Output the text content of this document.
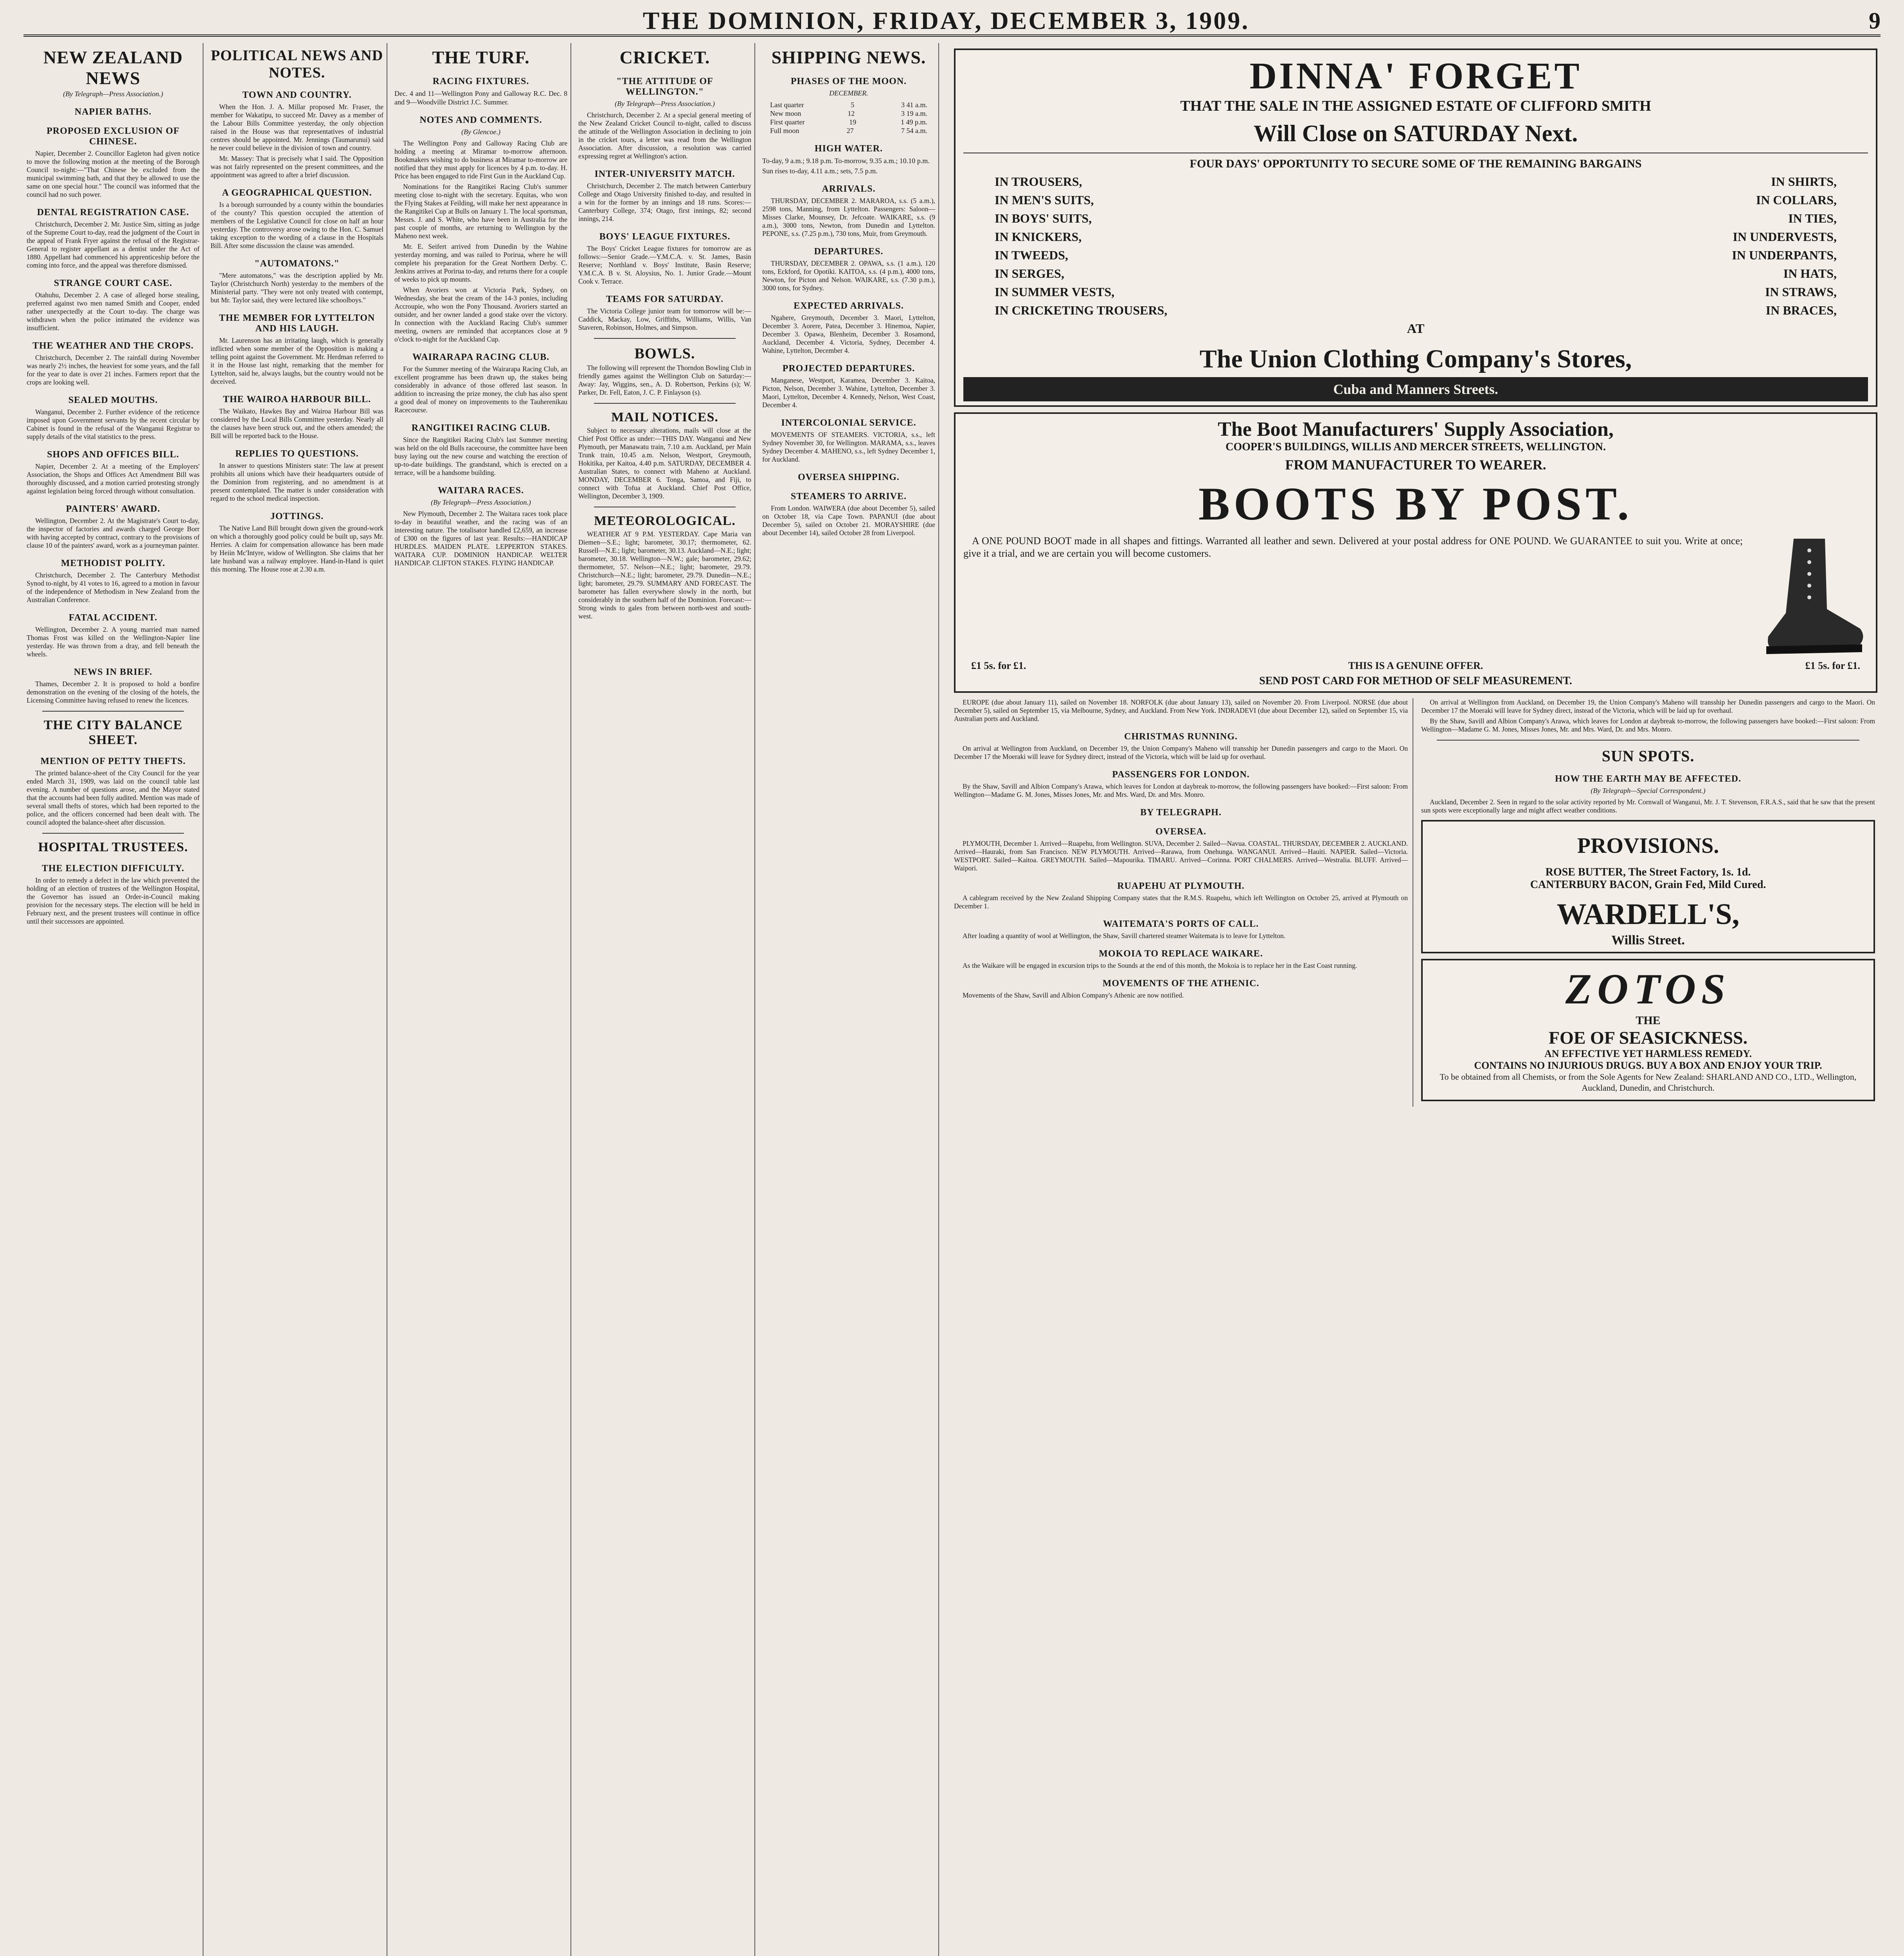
THE DOMINION, FRIDAY, DECEMBER 3, 1909.	9
NEW ZEALAND NEWS
(By Telegraph—Press Association.)
NAPIER BATHS.
PROPOSED EXCLUSION OF CHINESE.

Napier, December 2. Councillor Eagleton had given notice to move the following motion at the meeting of the Borough Council to-night:—"That Chinese be excluded from the municipal swimming bath, and that they be allowed to use the same on one special hour." The council was informed that the council had no such power.

DENTAL REGISTRATION CASE.

Christchurch, December 2. Mr. Justice Sim, sitting as judge of the Supreme Court to-day, read the judgment of the Court in the appeal of Frank Fryer against the refusal of the Registrar-General to register appellant as a dentist under the Act of 1880. Appellant had commenced his apprenticeship before the coming into force, and the appeal was therefore dismissed.

STRANGE COURT CASE.

Otahuhu, December 2. A case of alleged horse stealing, preferred against two men named Smith and Cooper, ended rather unexpectedly at the Court to-day. The charge was withdrawn when the police intimated the evidence was insufficient.

THE WEATHER AND THE CROPS.

Christchurch, December 2. The rainfall during November was nearly 2½ inches, the heaviest for some years, and the fall for the year to date is over 21 inches. Farmers report that the crops are looking well.

SEALED MOUTHS.

Wanganui, December 2. Further evidence of the reticence imposed upon Government servants by the recent circular by Cabinet is found in the refusal of the Wanganui Registrar to supply details of the vital statistics to the press.

SHOPS AND OFFICES BILL.

Napier, December 2. At a meeting of the Employers' Association, the Shops and Offices Act Amendment Bill was thoroughly discussed, and a motion carried protesting strongly against legislation being forced through without consultation.

PAINTERS' AWARD.

Wellington, December 2. At the Magistrate's Court to-day, the inspector of factories and awards charged George Borr with having accepted by contract, contrary to the provisions of clause 10 of the painters' award, work as a journeyman painter.

METHODIST POLITY.

Christchurch, December 2. The Canterbury Methodist Synod to-night, by 41 votes to 16, agreed to a motion in favour of the independence of Methodism in New Zealand from the Australian Conference.

FATAL ACCIDENT.

Wellington, December 2. A young married man named Thomas Frost was killed on the Wellington-Napier line yesterday. He was thrown from a dray, and fell beneath the wheels.

NEWS IN BRIEF.

Thames, December 2. It is proposed to hold a bonfire demonstration on the evening of the closing of the hotels, the Licensing Committee having refused to renew the licences.

THE CITY BALANCE SHEET.
MENTION OF PETTY THEFTS.

The printed balance-sheet of the City Council for the year ended March 31, 1909, was laid on the council table last evening. A number of questions arose, and the Mayor stated that the accounts had been fully audited. Mention was made of several small thefts of stores, which had been reported to the police, and the officers concerned had been dealt with. The council adopted the balance-sheet after discussion.

HOSPITAL TRUSTEES.
THE ELECTION DIFFICULTY.

In order to remedy a defect in the law which prevented the holding of an election of trustees of the Wellington Hospital, the Governor has issued an Order-in-Council making provision for the necessary steps. The election will be held in February next, and the present trustees will continue in office until their successors are appointed.

POLITICAL NEWS AND NOTES.
TOWN AND COUNTRY.

When the Hon. J. A. Millar proposed Mr. Fraser, the member for Wakatipu, to succeed Mr. Davey as a member of the Labour Bills Committee yesterday, the only objection raised in the House was that representatives of industrial centres should be appointed. Mr. Jennings (Taumarunui) said he never could believe in the division of town and country.

Mr. Massey: That is precisely what I said. The Opposition was not fairly represented on the present committees, and the appointment was agreed to after a brief discussion.

A GEOGRAPHICAL QUESTION.

Is a borough surrounded by a county within the boundaries of the county? This question occupied the attention of members of the Legislative Council for close on half an hour yesterday. The controversy arose owing to the Hon. C. Samuel taking exception to the wording of a clause in the Hospitals Bill. After some discussion the clause was amended.

"AUTOMATONS."

"Mere automatons," was the description applied by Mr. Taylor (Christchurch North) yesterday to the members of the Ministerial party. "They were not only treated with contempt, but Mr. Taylor said, they were lectured like schoolboys."

THE MEMBER FOR LYTTELTON AND HIS LAUGH.

Mr. Laurenson has an irritating laugh, which is generally inflicted when some member of the Opposition is making a telling point against the Government. Mr. Herdman referred to it in the House last night, remarking that the member for Lyttelton, said he, always laughs, but the country would not be deceived.

THE WAIROA HARBOUR BILL.

The Waikato, Hawkes Bay and Wairoa Harbour Bill was considered by the Local Bills Committee yesterday. Nearly all the clauses have been struck out, and the others amended; the Bill will be reported back to the House.

REPLIES TO QUESTIONS.

In answer to questions Ministers state: The law at present prohibits all unions which have their headquarters outside of the Dominion from registering, and no amendment is at present contemplated. The matter is under consideration with regard to the school medical inspection.

JOTTINGS.

The Native Land Bill brought down given the ground-work on which a thoroughly good policy could be built up, says Mr. Herries. A claim for compensation allowance has been made by Heiin Mc'Intyre, widow of Wellington. She claims that her late husband was a railway employee. Hand-in-Hand is quiet this morning. The House rose at 2.30 a.m.

THE TURF.
RACING FIXTURES.

Dec. 4 and 11—Wellington Pony and Galloway R.C. Dec. 8 and 9—Woodville District J.C. Summer.

NOTES AND COMMENTS.
(By Glencoe.)

The Wellington Pony and Galloway Racing Club are holding a meeting at Miramar to-morrow afternoon. Bookmakers wishing to do business at Miramar to-morrow are notified that they must apply for licences by 4 p.m. to-day. H. Price has been engaged to ride First Gun in the Auckland Cup.

Nominations for the Rangitikei Racing Club's summer meeting close to-night with the secretary. Equitas, who won the Flying Stakes at Feilding, will make her next appearance in the Rangitikei Cup at Bulls on January 1. The local sportsman, Messrs. J. and S. White, who have been in Australia for the past couple of months, are returning to Wellington by the Maheno next week.

Mr. E. Seifert arrived from Dunedin by the Wahine yesterday morning, and was railed to Porirua, where he will complete his preparation for the Great Northern Derby. C. Jenkins arrives at Porirua to-day, and returns there for a couple of weeks to pick up mounts.

When Avoriers won at Victoria Park, Sydney, on Wednesday, she beat the cream of the 14-3 ponies, including Accroupie, who won the Pony Thousand. Avoriers started an outsider, and her owner landed a good stake over the victory. In connection with the Auckland Racing Club's summer meeting, owners are reminded that acceptances close at 9 o'clock to-night for the Auckland Cup.

WAIRARAPA RACING CLUB.

For the Summer meeting of the Wairarapa Racing Club, an excellent programme has been drawn up, the stakes being considerably in advance of those offered last season. In addition to increasing the prize money, the club has also spent a good deal of money on improvements to the Tauherenikau Racecourse.

RANGITIKEI RACING CLUB.

Since the Rangitikei Racing Club's last Summer meeting was held on the old Bulls racecourse, the committee have been busy laying out the new course and watching the erection of up-to-date buildings. The grandstand, which is erected on a terrace, will be a handsome building.

WAITARA RACES.
(By Telegraph—Press Association.)

New Plymouth, December 2. The Waitara races took place to-day in beautiful weather, and the racing was of an interesting nature. The totalisator handled £2,659, an increase of £300 on the figures of last year. Results:—HANDICAP HURDLES. MAIDEN PLATE. LEPPERTON STAKES. WAITARA CUP. DOMINION HANDICAP. WELTER HANDICAP. CLIFTON STAKES. FLYING HANDICAP.

CRICKET.
"THE ATTITUDE OF WELLINGTON."
(By Telegraph—Press Association.)

Christchurch, December 2. At a special general meeting of the New Zealand Cricket Council to-night, called to discuss the attitude of the Wellington Association in declining to join in the cricket tours, a letter was read from the Wellington Association. After discussion, a resolution was carried expressing regret at Wellington's action.

INTER-UNIVERSITY MATCH.

Christchurch, December 2. The match between Canterbury College and Otago University finished to-day, and resulted in a win for the former by an innings and 18 runs. Scores:—Canterbury College, 374; Otago, first innings, 82; second innings, 214.

BOYS' LEAGUE FIXTURES.

The Boys' Cricket League fixtures for tomorrow are as follows:—Senior Grade.—Y.M.C.A. v. St. James, Basin Reserve; Northland v. Boys' Institute, Basin Reserve; Y.M.C.A. B v. St. Aloysius, No. 1. Junior Grade.—Mount Cook v. Terrace.

TEAMS FOR SATURDAY.

The Victoria College junior team for tomorrow will be:—Caddick, Mackay, Low, Griffiths, Williams, Willis, Van Staveren, Robinson, Holmes, and Simpson.

BOWLS.

The following will represent the Thorndon Bowling Club in friendly games against the Wellington Club on Saturday:—Away: Jay, Wiggins, sen., A. D. Robertson, Perkins (s); W. Parker, Dr. Fell, Eaton, J. C. P. Finlayson (s).

MAIL NOTICES.

Subject to necessary alterations, mails will close at the Chief Post Office as under:—THIS DAY. Wanganui and New Plymouth, per Manawatu train, 7.10 a.m. Auckland, per Main Trunk train, 10.45 a.m. Nelson, Westport, Greymouth, Hokitika, per Kaitoa, 4.40 p.m. SATURDAY, DECEMBER 4. Australian States, to connect with Maheno at Auckland. MONDAY, DECEMBER 6. Tonga, Samoa, and Fiji, to connect with Tofua at Auckland. Chief Post Office, Wellington, December 3, 1909.

METEOROLOGICAL.

WEATHER AT 9 P.M. YESTERDAY. Cape Maria van Diemen—S.E.; light; barometer, 30.17; thermometer, 62. Russell—N.E.; light; barometer, 30.13. Auckland—N.E.; light; barometer, 30.18. Wellington—N.W.; gale; barometer, 29.62; thermometer, 57. Nelson—N.E.; light; barometer, 29.79. Christchurch—N.E.; light; barometer, 29.79. Dunedin—N.E.; light; barometer, 29.79. SUMMARY AND FORECAST. The barometer has fallen everywhere slowly in the north, but considerably in the southern half of the Dominion. Forecast:—Strong winds to gales from between north-west and south-west.

SHIPPING NEWS.
PHASES OF THE MOON.
DECEMBER.
Last quarter	5	3 41 a.m.
New moon	12	3 19 a.m.
First quarter	19	1 49 p.m.
Full moon	27	7 54 a.m.
HIGH WATER.

To-day, 9 a.m.; 9.18 p.m. To-morrow, 9.35 a.m.; 10.10 p.m.

Sun rises to-day, 4.11 a.m.; sets, 7.5 p.m.

ARRIVALS.

THURSDAY, DECEMBER 2. MARAROA, s.s. (5 a.m.), 2598 tons, Manning, from Lyttelton. Passengers: Saloon—Misses Clarke, Mounsey, Dr. Jefcoate. WAIKARE, s.s. (9 a.m.), 3000 tons, Newton, from Dunedin and Lyttelton. PEPONE, s.s. (7.25 p.m.), 730 tons, Muir, from Greymouth.

DEPARTURES.

THURSDAY, DECEMBER 2. OPAWA, s.s. (1 a.m.), 120 tons, Eckford, for Opotiki. KAITOA, s.s. (4 p.m.), 4000 tons, Newton, for Picton and Nelson. WAIKARE, s.s. (7.30 p.m.), 3000 tons, for Sydney.

EXPECTED ARRIVALS.

Ngahere, Greymouth, December 3. Maori, Lyttelton, December 3. Aorere, Patea, December 3. Hinemoa, Napier, December 3. Opawa, Blenheim, December 3. Rosamond, Auckland, December 4. Victoria, Sydney, December 4. Wahine, Lyttelton, December 4.

PROJECTED DEPARTURES.

Manganese, Westport, Karamea, December 3. Kaitoa, Picton, Nelson, December 3. Wahine, Lyttelton, December 3. Maori, Lyttelton, December 4. Kennedy, Nelson, West Coast, December 4.

INTERCOLONIAL SERVICE.

MOVEMENTS OF STEAMERS. VICTORIA, s.s., left Sydney November 30, for Wellington. MARAMA, s.s., leaves Sydney December 4. MAHENO, s.s., left Sydney December 1, for Auckland.

OVERSEA SHIPPING.
STEAMERS TO ARRIVE.

From London. WAIWERA (due about December 5), sailed on October 18, via Cape Town. PAPANUI (due about December 5), sailed on October 21. MORAYSHIRE (due about December 14), sailed October 28 from Liverpool.

DINNA' FORGET
THAT THE SALE IN THE ASSIGNED ESTATE OF CLIFFORD SMITH
Will Close on SATURDAY Next.
FOUR DAYS' OPPORTUNITY TO SECURE SOME OF THE REMAINING BARGAINS
IN TROUSERS,	IN SHIRTS,
IN MEN'S SUITS,	IN COLLARS,
IN BOYS' SUITS,	IN TIES,
IN KNICKERS,	IN UNDERVESTS,
IN TWEEDS,	IN UNDERPANTS,
IN SERGES,	IN HATS,
IN SUMMER VESTS,	IN STRAWS,
IN CRICKETING TROUSERS,	IN BRACES,
AT
The Union Clothing Company's Stores,
Cuba and Manners Streets.
The Boot Manufacturers' Supply Association,
COOPER'S BUILDINGS, WILLIS AND MERCER STREETS, WELLINGTON.
FROM MANUFACTURER TO WEARER.
BOOTS BY POST.

A ONE POUND BOOT made in all shapes and fittings. Warranted all leather and sewn. Delivered at your postal address for ONE POUND. We GUARANTEE to suit you. Write at once; give it a trial, and we are certain you will become customers.

£1 5s. for £1.	THIS IS A GENUINE OFFER.	£1 5s. for £1.
SEND POST CARD FOR METHOD OF SELF MEASUREMENT.

EUROPE (due about January 11), sailed on November 18. NORFOLK (due about January 13), sailed on November 20. From Liverpool. NORSE (due about December 5), sailed on September 15, via Melbourne, Sydney, and Auckland. From New York. INDRADEVI (due about December 12), sailed on September 15, via Australian ports and Auckland.

CHRISTMAS RUNNING.

On arrival at Wellington from Auckland, on December 19, the Union Company's Maheno will transship her Dunedin passengers and cargo to the Maori. On December 17 the Moeraki will leave for Sydney direct, instead of the Victoria, which will be laid up for overhaul.

PASSENGERS FOR LONDON.

By the Shaw, Savill and Albion Company's Arawa, which leaves for London at daybreak to-morrow, the following passengers have booked:—First saloon: From Wellington—Madame G. M. Jones, Misses Jones, Mr. and Mrs. Ward, Dr. and Mrs. Monro.

BY TELEGRAPH.
OVERSEA.

PLYMOUTH, December 1. Arrived—Ruapehu, from Wellington. SUVA, December 2. Sailed—Navua. COASTAL. THURSDAY, DECEMBER 2. AUCKLAND. Arrived—Hauraki, from San Francisco. NEW PLYMOUTH. Arrived—Rarawa, from Onehunga. WANGANUI. Arrived—Hauiti. NAPIER. Sailed—Victoria. WESTPORT. Sailed—Kaitoa. GREYMOUTH. Sailed—Mapourika. TIMARU. Arrived—Corinna. PORT CHALMERS. Arrived—Westralia. BLUFF. Arrived—Waipori.

RUAPEHU AT PLYMOUTH.

A cablegram received by the New Zealand Shipping Company states that the R.M.S. Ruapehu, which left Wellington on October 25, arrived at Plymouth on December 1.

WAITEMATA'S PORTS OF CALL.

After loading a quantity of wool at Wellington, the Shaw, Savill chartered steamer Waitemata is to leave for Lyttelton.

MOKOIA TO REPLACE WAIKARE.

As the Waikare will be engaged in excursion trips to the Sounds at the end of this month, the Mokoia is to replace her in the East Coast running.

MOVEMENTS OF THE ATHENIC.

Movements of the Shaw, Savill and Albion Company's Athenic are now notified.

On arrival at Wellington from Auckland, on December 19, the Union Company's Maheno will transship her Dunedin passengers and cargo to the Maori. On December 17 the Moeraki will leave for Sydney direct, instead of the Victoria, which will be laid up for overhaul.

By the Shaw, Savill and Albion Company's Arawa, which leaves for London at daybreak to-morrow, the following passengers have booked:—First saloon: From Wellington—Madame G. M. Jones, Misses Jones, Mr. and Mrs. Ward, Dr. and Mrs. Monro.

SUN SPOTS.
HOW THE EARTH MAY BE AFFECTED.
(By Telegraph—Special Correspondent.)

Auckland, December 2. Seen in regard to the solar activity reported by Mr. Cornwall of Wanganui, Mr. J. T. Stevenson, F.R.A.S., said that he saw that the present sun spots were exceptionally large and might affect weather conditions.

PROVISIONS.
ROSE BUTTER, The Street Factory, 1s. 1d.
CANTERBURY BACON, Grain Fed, Mild Cured.
WARDELL'S,
Willis Street.
ZOTOS
THE
FOE OF SEASICKNESS.
AN EFFECTIVE YET HARMLESS REMEDY.
CONTAINS NO INJURIOUS DRUGS. BUY A BOX AND ENJOY YOUR TRIP.

To be obtained from all Chemists, or from the Sole Agents for New Zealand: SHARLAND AND CO., LTD., Wellington, Auckland, Dunedin, and Christchurch.
